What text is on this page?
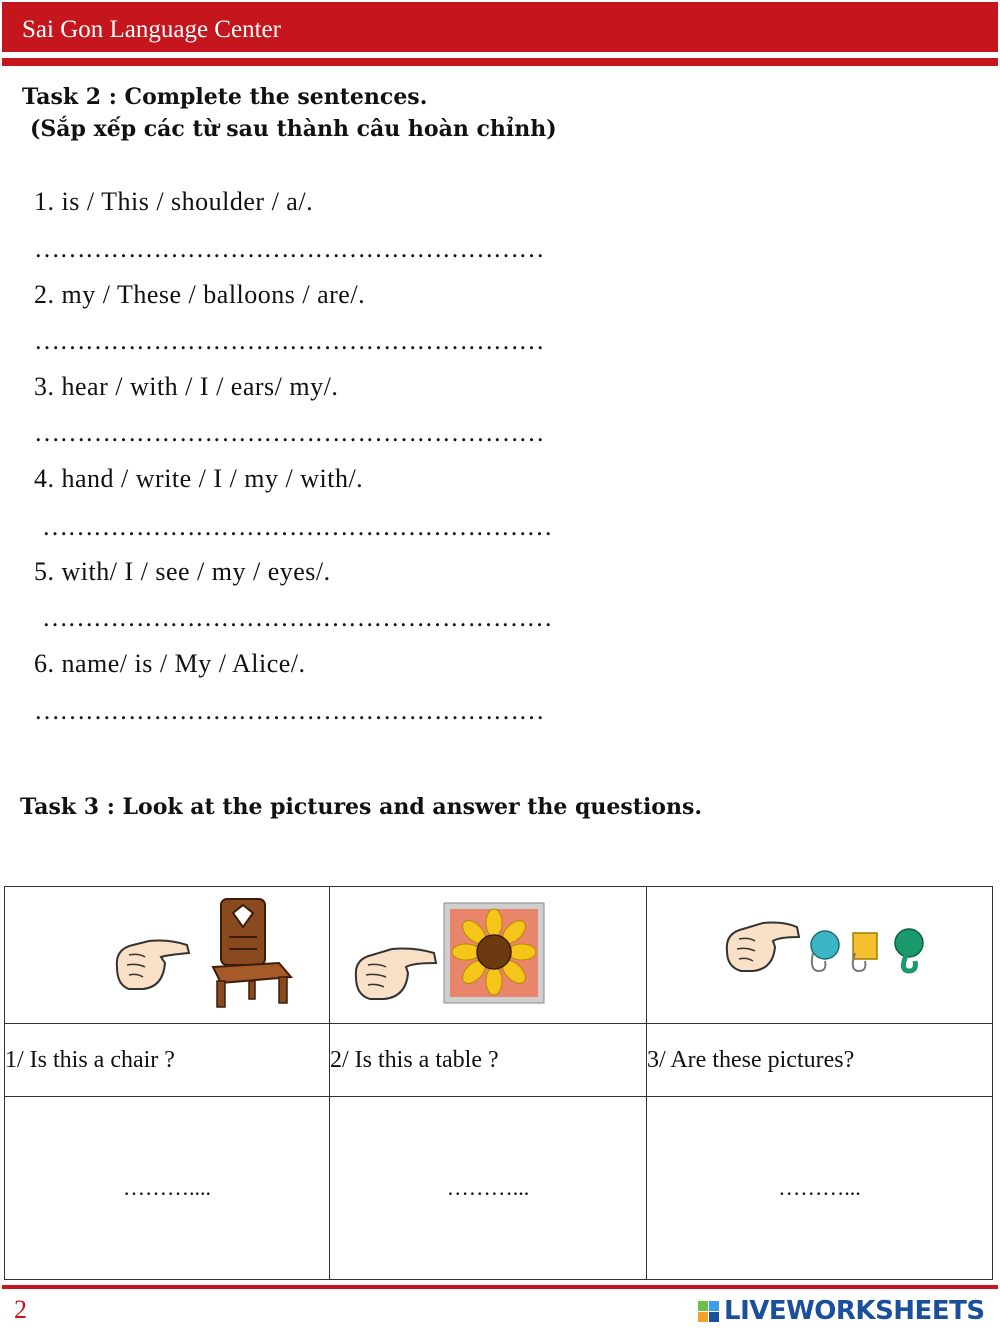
Sai Gon Language Center
Task 2 : Complete the sentences.
(Sắp xếp các từ sau thành câu hoàn chỉnh)
1. is / This / shoulder / a/.
……………………………………………………
2. my / These / balloons / are/.
……………………………………………………
3. hear / with / I / ears/ my/.
……………………………………………………
4. hand / write / I / my / with/.
……………………………………………………
5. with/ I / see / my / eyes/.
……………………………………………………
6. name/ is / My / Alice/.
……………………………………………………
Task 3 : Look at the pictures and answer the questions.

1/ Is this a chair ?	2/ Is this a table ?	3/ Are these pictures?
………....	………...	………...
2	LIVEWORKSHEETS
